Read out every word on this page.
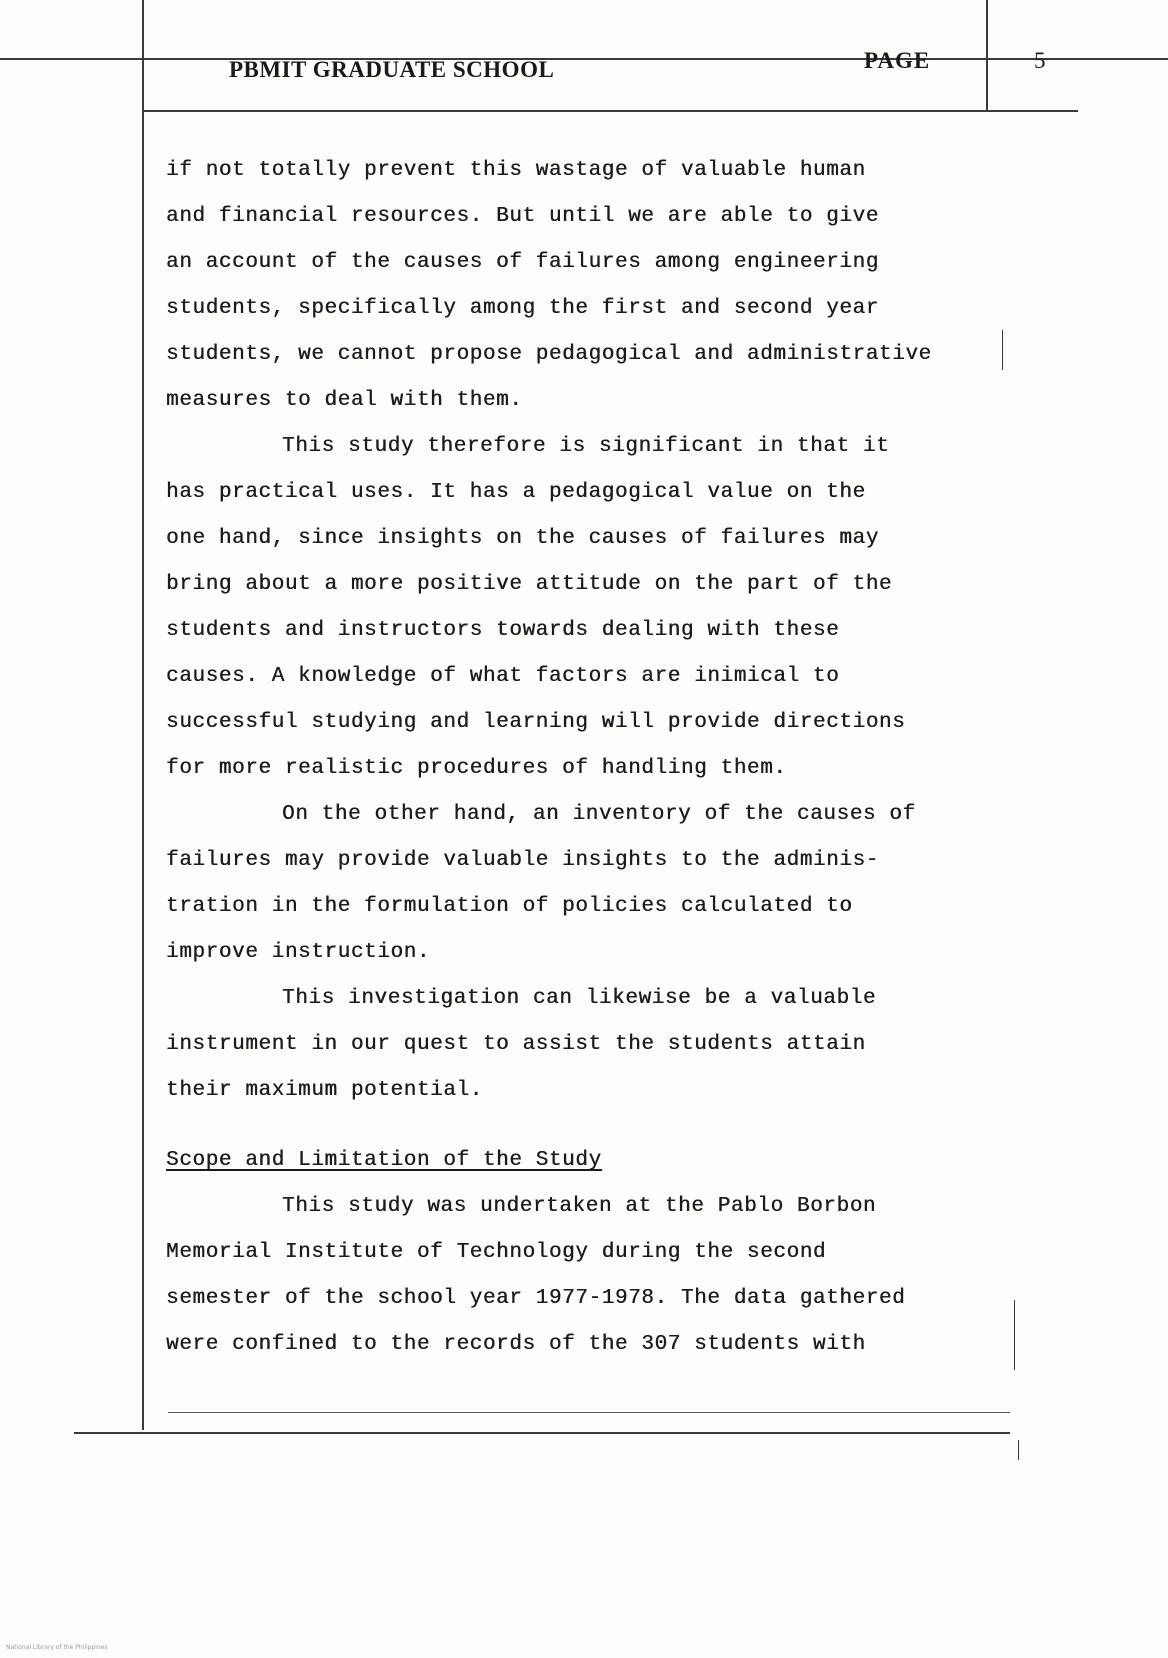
PBMIT GRADUATE SCHOOL	PAGE	5
if not totally prevent this wastage of valuable human
and financial resources. But until we are able to give
an account of the causes of failures among engineering
students, specifically among the first and second year
students, we cannot propose pedagogical and administrative
measures to deal with them.
This study therefore is significant in that it
has practical uses. It has a pedagogical value on the
one hand, since insights on the causes of failures may
bring about a more positive attitude on the part of the
students and instructors towards dealing with these
causes. A knowledge of what factors are inimical to
successful studying and learning will provide directions
for more realistic procedures of handling them.
On the other hand, an inventory of the causes of
failures may provide valuable insights to the adminis-
tration in the formulation of policies calculated to
improve instruction.
This investigation can likewise be a valuable
instrument in our quest to assist the students attain
their maximum potential.
Scope and Limitation of the Study
This study was undertaken at the Pablo Borbon
Memorial Institute of Technology during the second
semester of the school year 1977-1978. The data gathered
were confined to the records of the 307 students with
National Library of the Philippines
